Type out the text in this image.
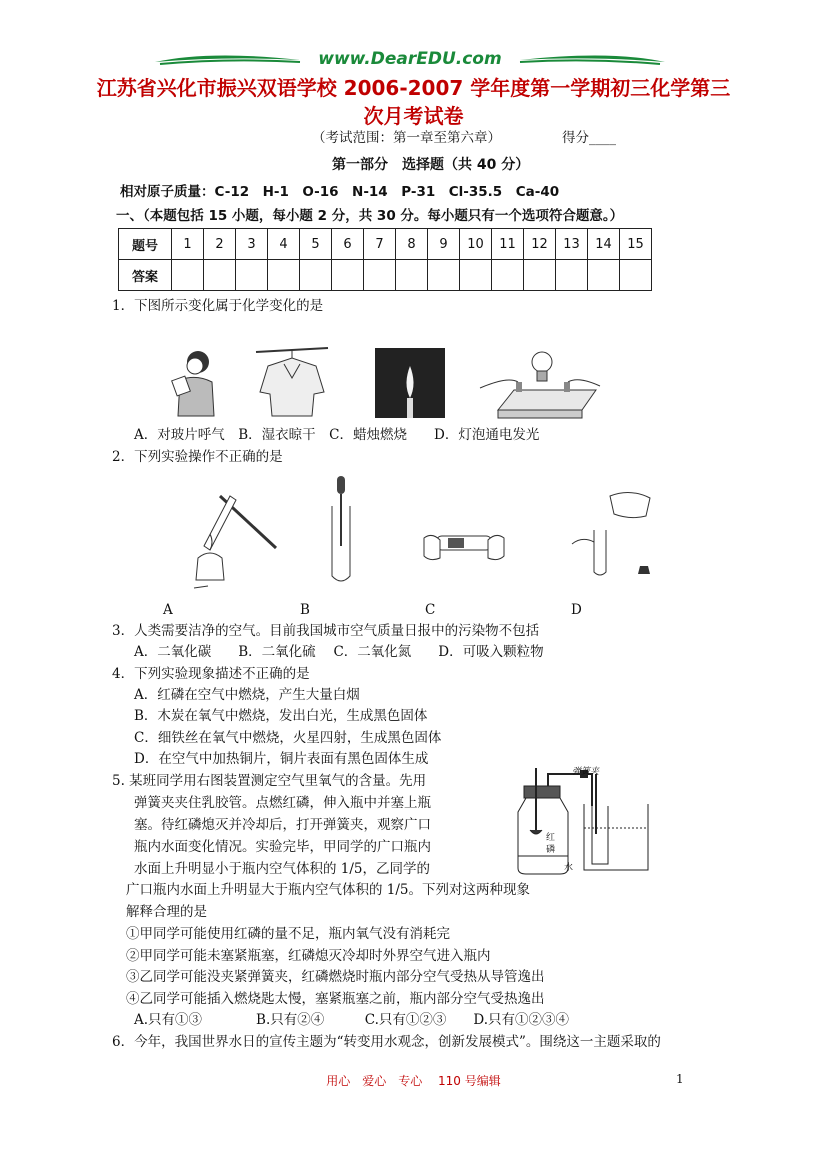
www.DearEDU.com
江苏省兴化市振兴双语学校 2006-2007 学年度第一学期初三化学第三
次月考试卷
（考试范围：第一章至第六章）	得分____
第一部分　选择题（共 40 分）
相对原子质量：C-12　H-1　O-16　N-14　P-31　Cl-35.5　Ca-40
一、（本题包括 15 小题，每小题 2 分，共 30 分。每小题只有一个选项符合题意。）
题号	1	2	3	4	5	6	7	8	9	10	11	12	13	14	15
答案															
1．下图所示变化属于化学变化的是
A．对玻片呼气　B．湿衣晾干　C．蜡烛燃烧　　D．灯泡通电发光
2．下列实验操作不正确的是
A	B	C	D
3．人类需要洁净的空气。目前我国城市空气质量日报中的污染物不包括
A．二氧化碳　　B．二氧化硫　 C．二氧化氮　　D．可吸入颗粒物
4．下列实验现象描述不正确的是
A．红磷在空气中燃烧，产生大量白烟
B．木炭在氧气中燃烧，发出白光，生成黑色固体
C．细铁丝在氧气中燃烧，火星四射，生成黑色固体
D．在空气中加热铜片，铜片表面有黑色固体生成
5. 某班同学用右图装置测定空气里氧气的含量。先用
弹簧夹夹住乳胶管。点燃红磷，伸入瓶中并塞上瓶
塞。待红磷熄灭并冷却后，打开弹簧夹，观察广口
瓶内水面变化情况。实验完毕，甲同学的广口瓶内
水面上升明显小于瓶内空气体积的 1/5，乙同学的
广口瓶内水面上升明显大于瓶内空气体积的 1/5。下列对这两种现象
解释合理的是
①甲同学可能使用红磷的量不足，瓶内氧气没有消耗完
②甲同学可能未塞紧瓶塞，红磷熄灭冷却时外界空气进入瓶内
③乙同学可能没夹紧弹簧夹，红磷燃烧时瓶内部分空气受热从导管逸出
④乙同学可能插入燃烧匙太慢，塞紧瓶塞之前，瓶内部分空气受热逸出
A.只有①③　　　　B.只有②④　　　C.只有①②③　　D.只有①②③④
弹簧夹
红
磷
水
6．今年，我国世界水日的宣传主题为“转变用水观念，创新发展模式”。围绕这一主题采取的
用心　爱心　专心　 110 号编辑	1
